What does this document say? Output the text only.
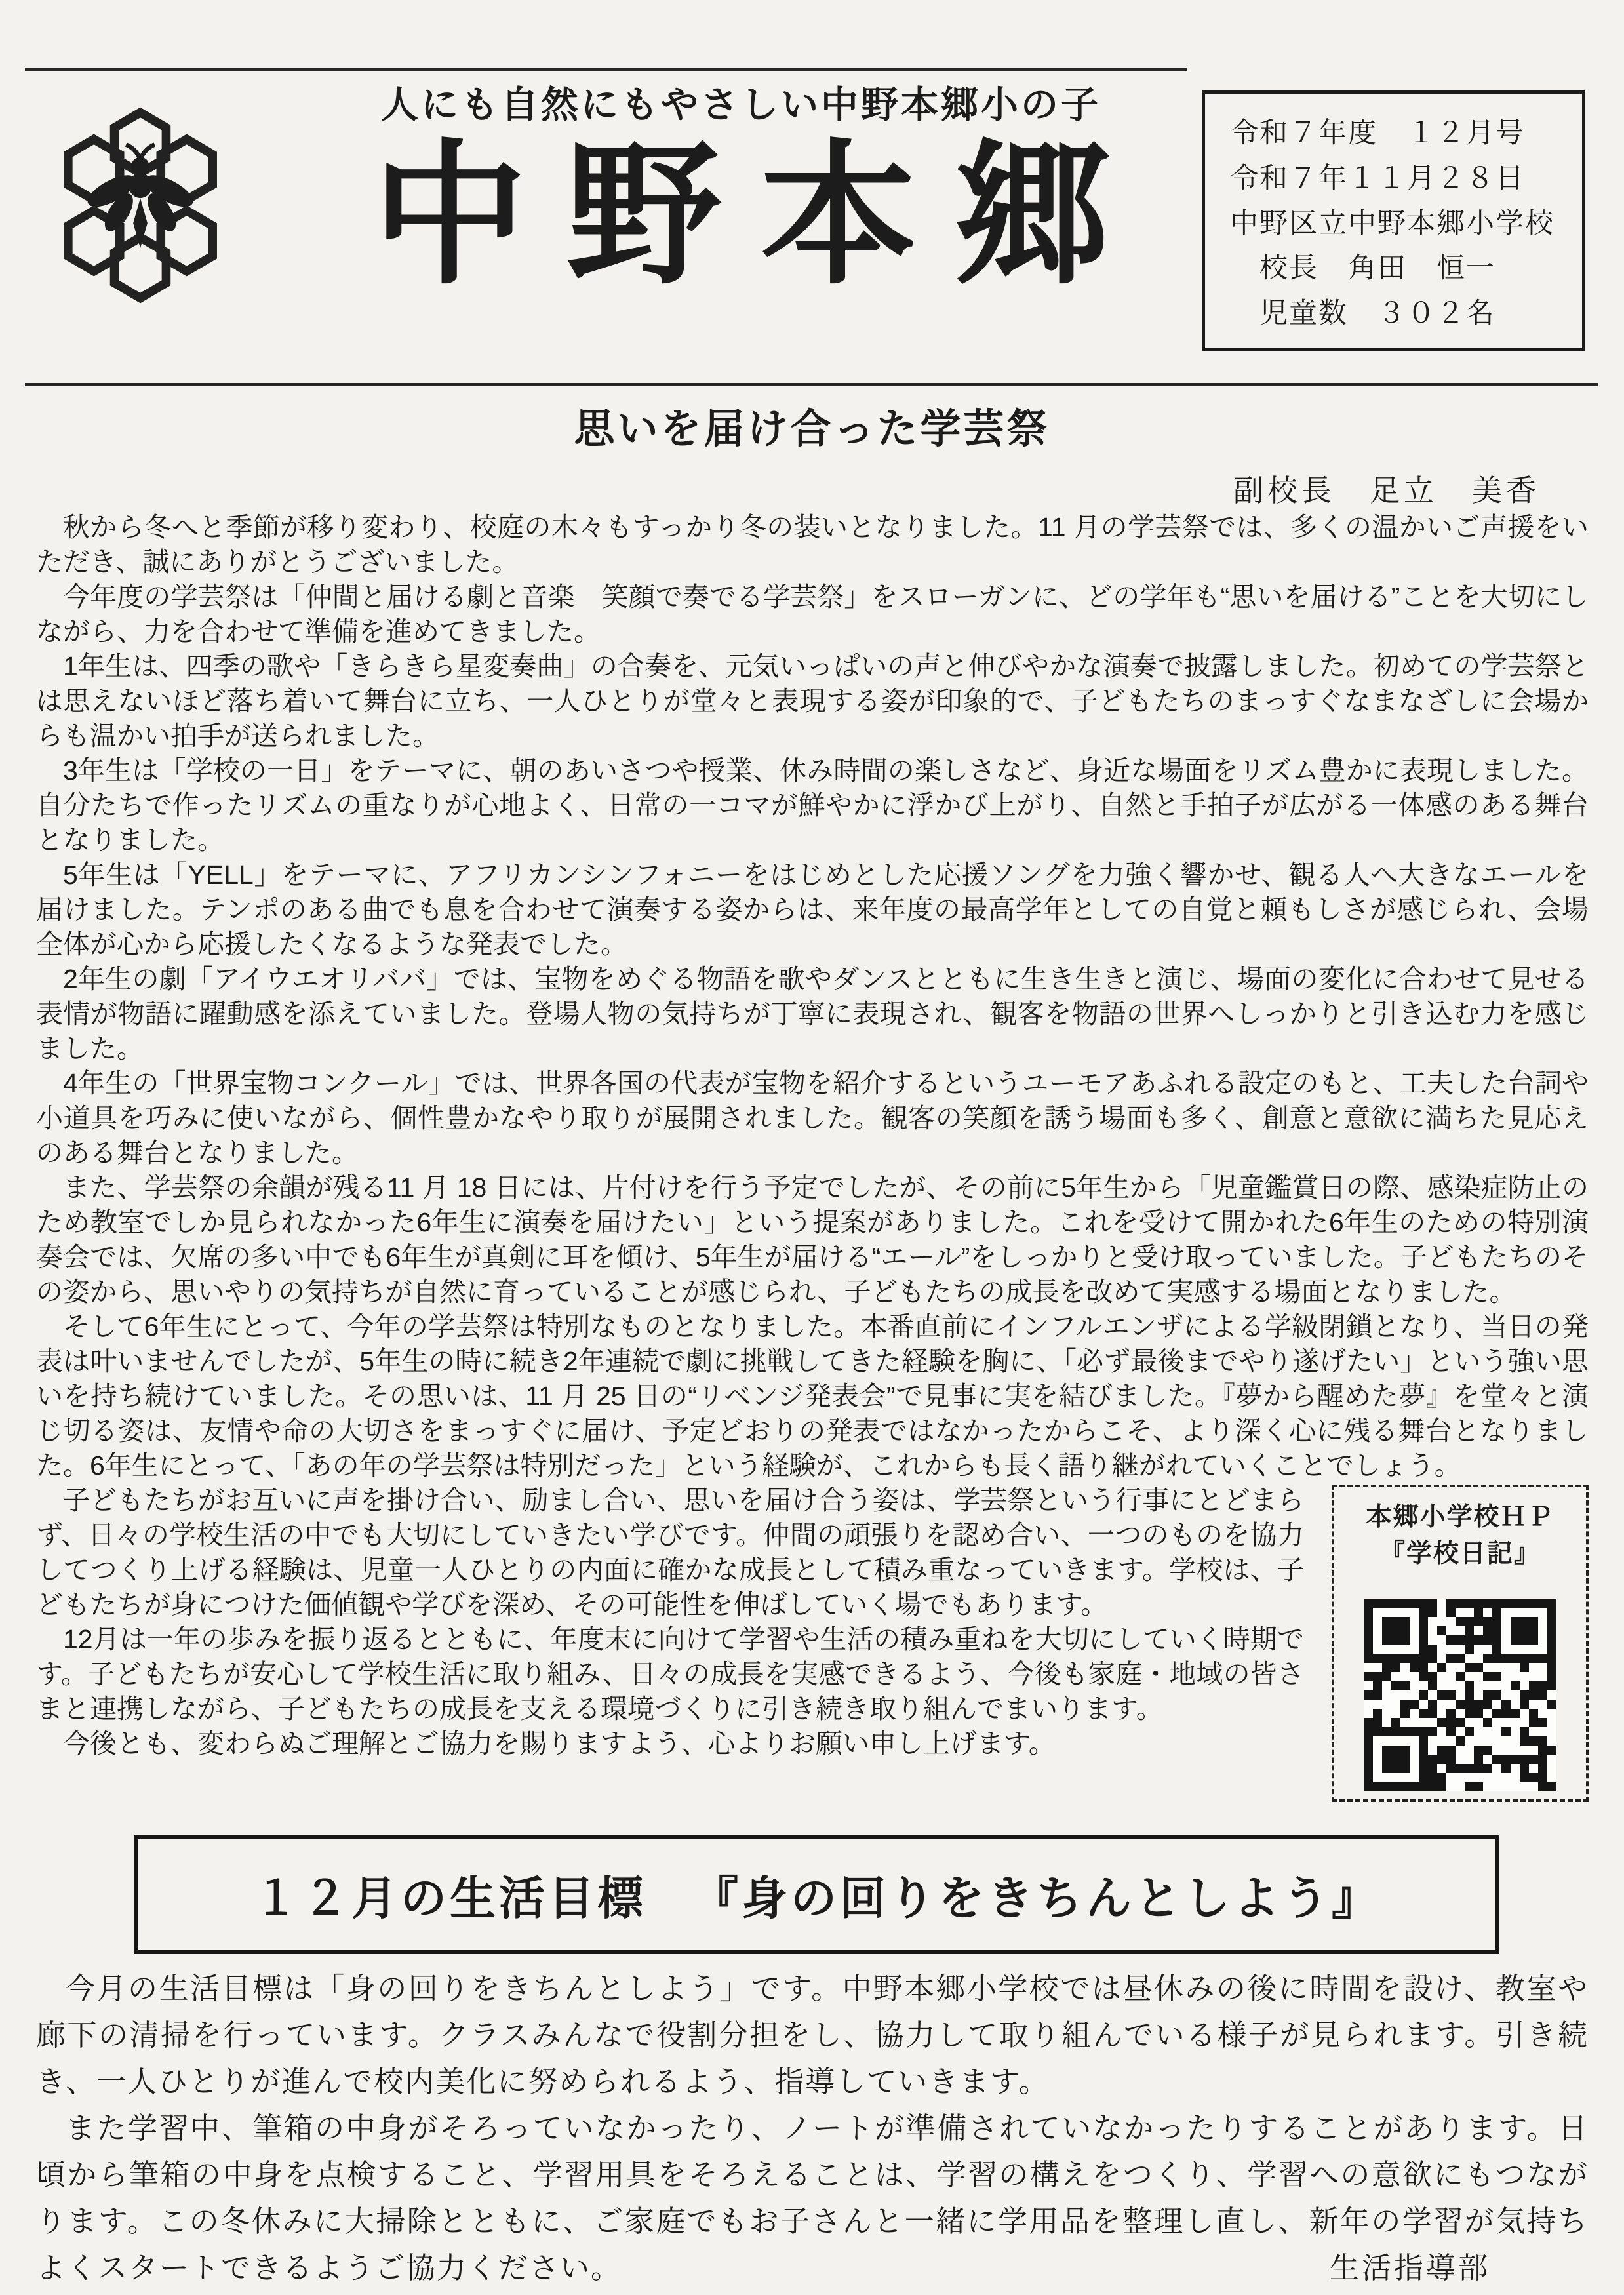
人にも自然にもやさしい中野本郷小の子
中野本郷	令和７年度　１２月号
令和７年１１月２８日
中野区立中野本郷小学校
　校長　角田　恒一
　児童数　３０２名
思いを届け合った学芸祭
副校長　足立　美香

秋から冬へと季節が移り変わり、校庭の木々もすっかり冬の装いとなりました。11 月の学芸祭では、多くの温かいご声援をいただき、誠にありがとうございました。

今年度の学芸祭は「仲間と届ける劇と音楽　笑顔で奏でる学芸祭」をスローガンに、どの学年も“思いを届ける”ことを大切にしながら、力を合わせて準備を進めてきました。

1年生は、四季の歌や「きらきら星変奏曲」の合奏を、元気いっぱいの声と伸びやかな演奏で披露しました。初めての学芸祭とは思えないほど落ち着いて舞台に立ち、一人ひとりが堂々と表現する姿が印象的で、子どもたちのまっすぐなまなざしに会場からも温かい拍手が送られました。

3年生は「学校の一日」をテーマに、朝のあいさつや授業、休み時間の楽しさなど、身近な場面をリズム豊かに表現しました。自分たちで作ったリズムの重なりが心地よく、日常の一コマが鮮やかに浮かび上がり、自然と手拍子が広がる一体感のある舞台となりました。

5年生は「YELL」をテーマに、アフリカンシンフォニーをはじめとした応援ソングを力強く響かせ、観る人へ大きなエールを届けました。テンポのある曲でも息を合わせて演奏する姿からは、来年度の最高学年としての自覚と頼もしさが感じられ、会場全体が心から応援したくなるような発表でした。

2年生の劇「アイウエオリババ」では、宝物をめぐる物語を歌やダンスとともに生き生きと演じ、場面の変化に合わせて見せる表情が物語に躍動感を添えていました。登場人物の気持ちが丁寧に表現され、観客を物語の世界へしっかりと引き込む力を感じました。

4年生の「世界宝物コンクール」では、世界各国の代表が宝物を紹介するというユーモアあふれる設定のもと、工夫した台詞や小道具を巧みに使いながら、個性豊かなやり取りが展開されました。観客の笑顔を誘う場面も多く、創意と意欲に満ちた見応えのある舞台となりました。

また、学芸祭の余韻が残る11 月 18 日には、片付けを行う予定でしたが、その前に5年生から「児童鑑賞日の際、感染症防止のため教室でしか見られなかった6年生に演奏を届けたい」という提案がありました。これを受けて開かれた6年生のための特別演奏会では、欠席の多い中でも6年生が真剣に耳を傾け、5年生が届ける“エール”をしっかりと受け取っていました。子どもたちのその姿から、思いやりの気持ちが自然に育っていることが感じられ、子どもたちの成長を改めて実感する場面となりました。

そして6年生にとって、今年の学芸祭は特別なものとなりました。本番直前にインフルエンザによる学級閉鎖となり、当日の発表は叶いませんでしたが、5年生の時に続き2年連続で劇に挑戦してきた経験を胸に、「必ず最後までやり遂げたい」という強い思いを持ち続けていました。その思いは、11 月 25 日の“リベンジ発表会”で見事に実を結びました。『夢から醒めた夢』を堂々と演じ切る姿は、友情や命の大切さをまっすぐに届け、予定どおりの発表ではなかったからこそ、より深く心に残る舞台となりました。6年生にとって、「あの年の学芸祭は特別だった」という経験が、これからも長く語り継がれていくことでしょう。

本郷小学校ＨＰ
『学校日記』

子どもたちがお互いに声を掛け合い、励まし合い、思いを届け合う姿は、学芸祭という行事にとどまらず、日々の学校生活の中でも大切にしていきたい学びです。仲間の頑張りを認め合い、一つのものを協力してつくり上げる経験は、児童一人ひとりの内面に確かな成長として積み重なっていきます。学校は、子どもたちが身につけた価値観や学びを深め、その可能性を伸ばしていく場でもあります。

12月は一年の歩みを振り返るとともに、年度末に向けて学習や生活の積み重ねを大切にしていく時期です。子どもたちが安心して学校生活に取り組み、日々の成長を実感できるよう、今後も家庭・地域の皆さまと連携しながら、子どもたちの成長を支える環境づくりに引き続き取り組んでまいります。

今後とも、変わらぬご理解とご協力を賜りますよう、心よりお願い申し上げます。

１２月の生活目標 『身の回りをきちんとしよう』

今月の生活目標は「身の回りをきちんとしよう」です。中野本郷小学校では昼休みの後に時間を設け、教室や廊下の清掃を行っています。クラスみんなで役割分担をし、協力して取り組んでいる様子が見られます。引き続き、一人ひとりが進んで校内美化に努められるよう、指導していきます。

また学習中、筆箱の中身がそろっていなかったり、ノートが準備されていなかったりすることがあります。日頃から筆箱の中身を点検すること、学習用具をそろえることは、学習の構えをつくり、学習への意欲にもつながります。この冬休みに大掃除とともに、ご家庭でもお子さんと一緒に学用品を整理し直し、新年の学習が気持ちよくスタートできるようご協力ください。	生活指導部
